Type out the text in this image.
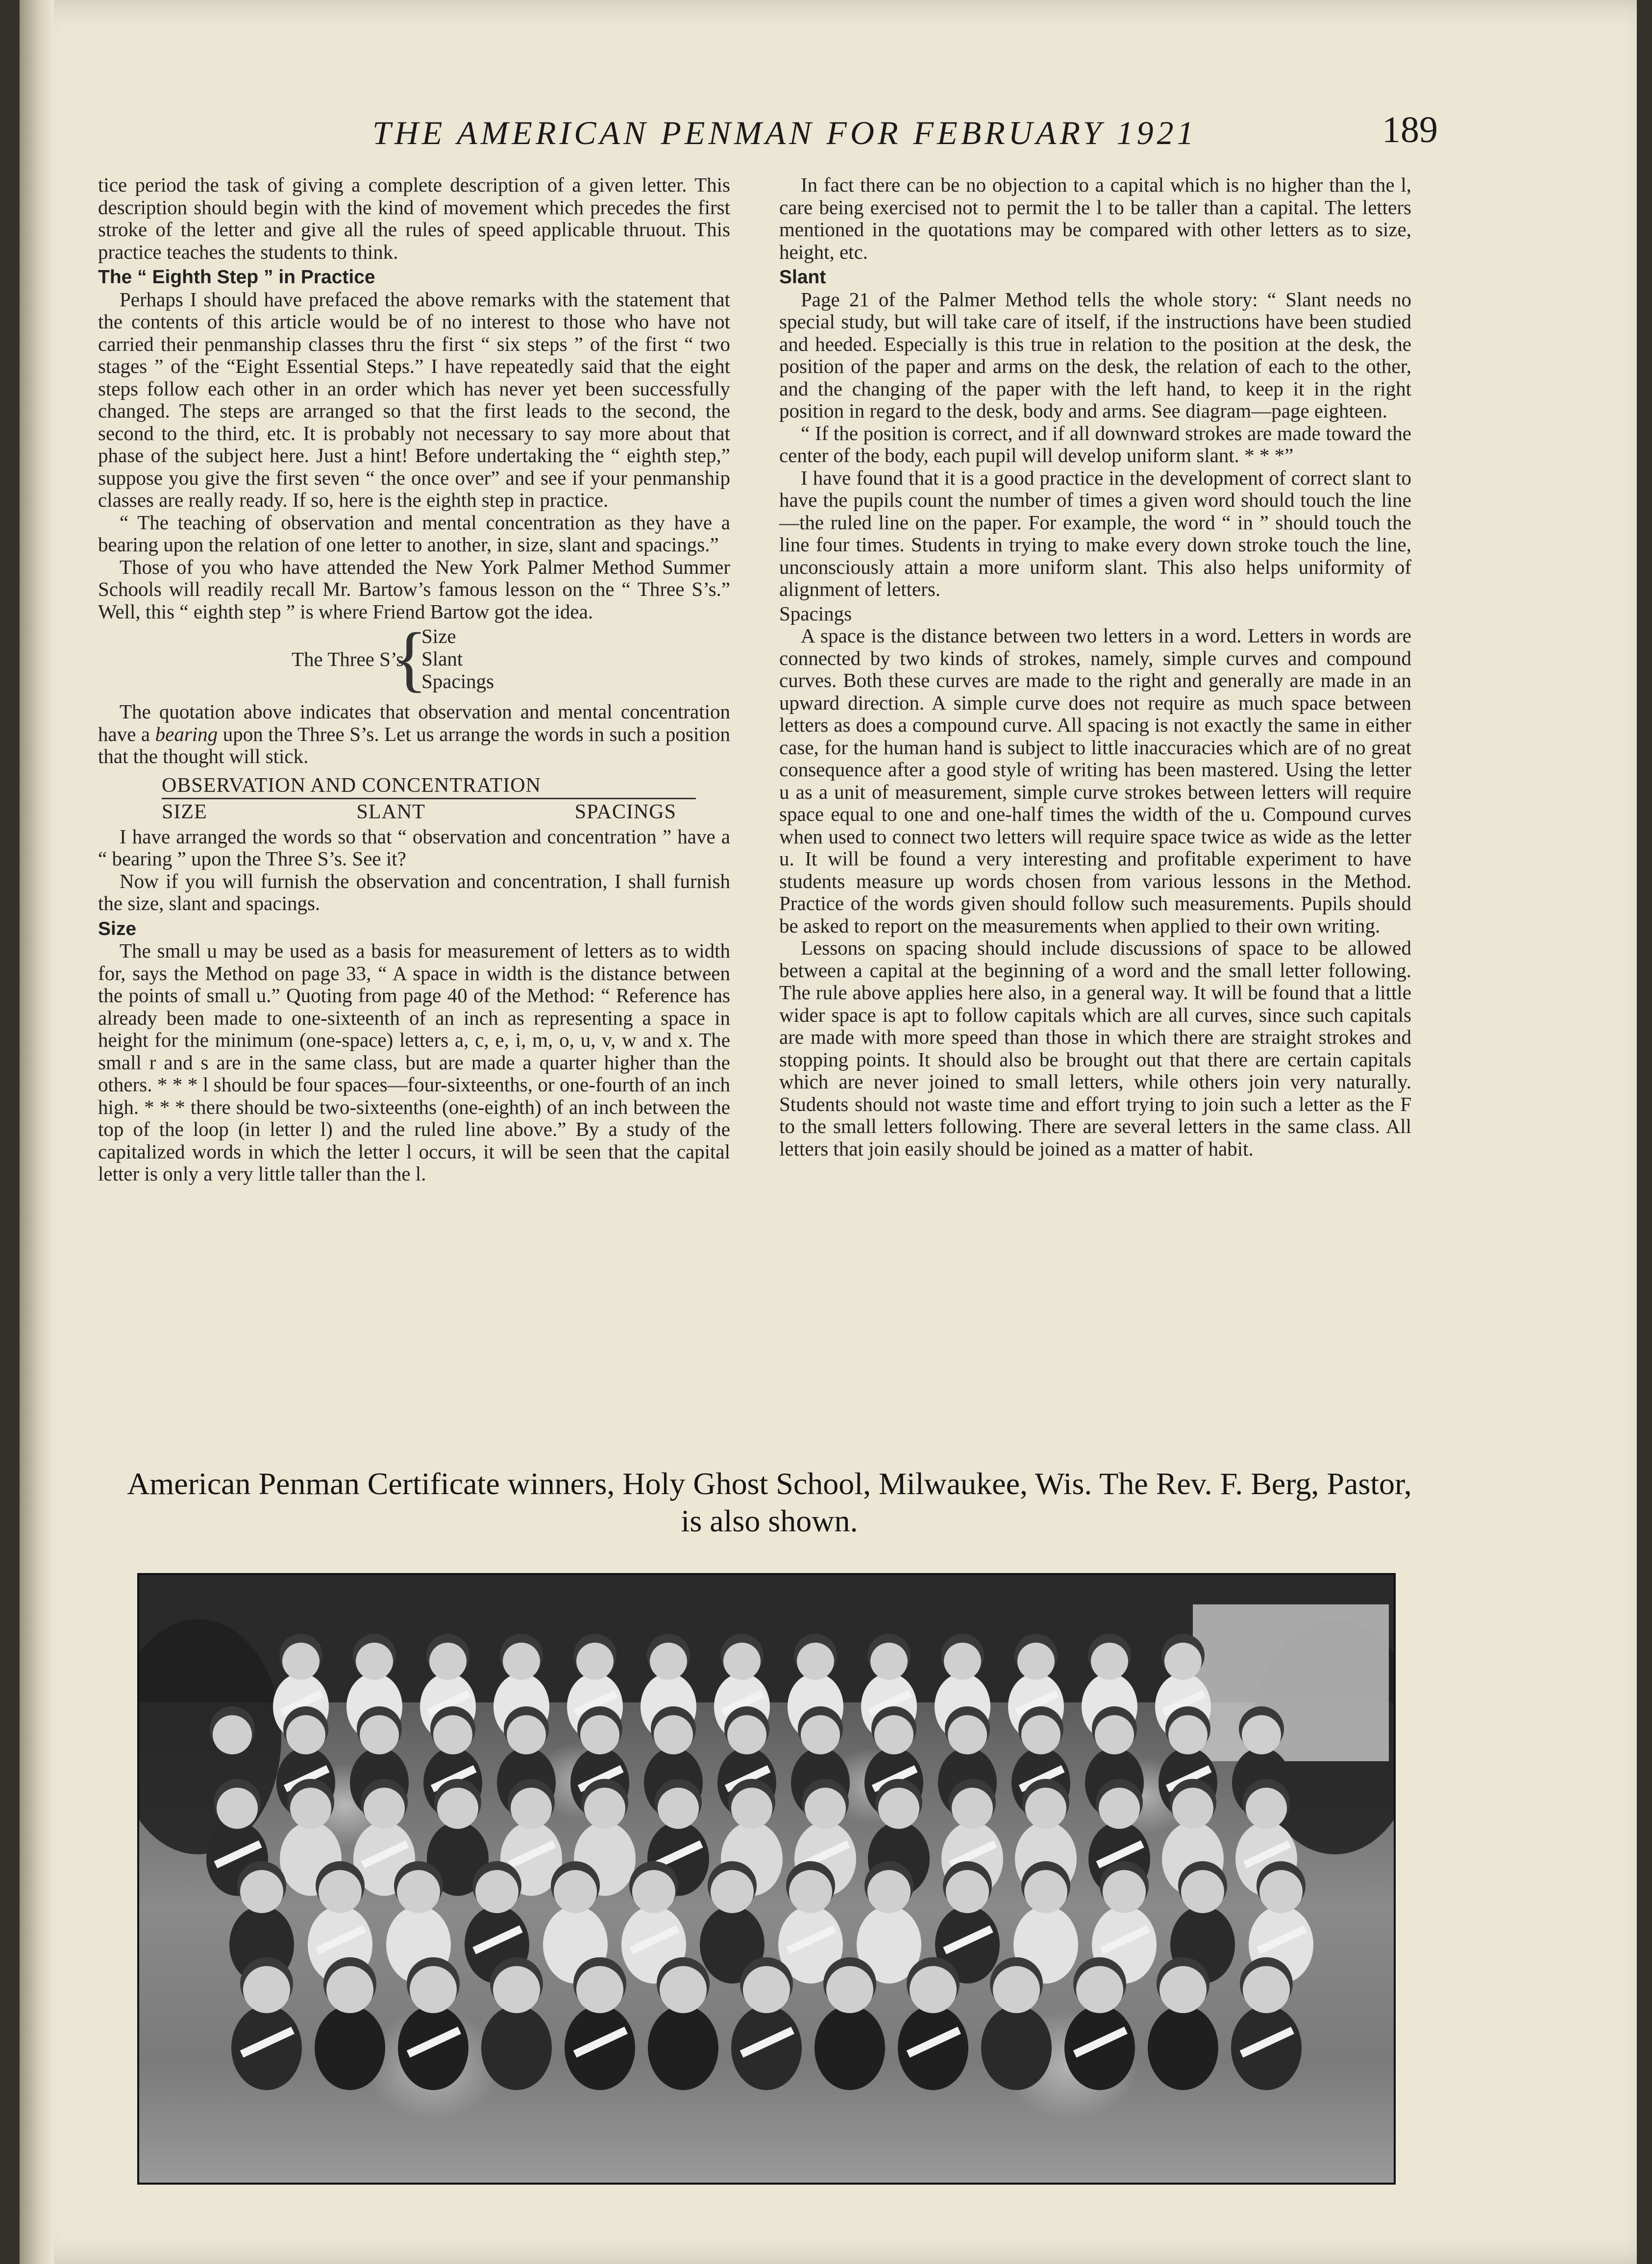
THE AMERICAN PENMAN FOR FEBRUARY 1921	189

tice period the task of giving a complete description of a given letter. This description should begin with the kind of movement which precedes the first stroke of the letter and give all the rules of speed applicable thruout. This practice teaches the students to think.

The “ Eighth Step ” in Practice

Perhaps I should have prefaced the above remarks with the statement that the contents of this article would be of no interest to those who have not carried their penmanship classes thru the first “ six steps ” of the first “ two stages ” of the “Eight Essential Steps.” I have repeatedly said that the eight steps follow each other in an order which has never yet been successfully changed. The steps are arranged so that the first leads to the second, the second to the third, etc. It is probably not necessary to say more about that phase of the subject here. Just a hint! Before undertaking the “ eighth step,” suppose you give the first seven “ the once over” and see if your penmanship classes are really ready. If so, here is the eighth step in practice.

“ The teaching of observation and mental concentration as they have a bearing upon the relation of one letter to another, in size, slant and spacings.”

Those of you who have attended the New York Palmer Method Summer Schools will readily recall Mr. Bartow’s famous lesson on the “ Three S’s.” Well, this “ eighth step ” is where Friend Bartow got the idea.

The Three S’s
{
Size
Slant
Spacings

The quotation above indicates that observation and mental concentration have a bearing upon the Three S’s. Let us arrange the words in such a position that the thought will stick.

OBSERVATION AND CONCENTRATION
SIZE	SLANT	SPACINGS

I have arranged the words so that “ observation and concentration ” have a “ bearing ” upon the Three S’s. See it?

Now if you will furnish the observation and concentration, I shall furnish the size, slant and spacings.

Size

The small u may be used as a basis for measurement of letters as to width for, says the Method on page 33, “ A space in width is the distance between the points of small u.” Quoting from page 40 of the Method: “ Reference has already been made to one-sixteenth of an inch as representing a space in height for the minimum (one-space) letters a, c, e, i, m, o, u, v, w and x. The small r and s are in the same class, but are made a quarter higher than the others. * * * l should be four spaces—four-sixteenths, or one-fourth of an inch high. * * * there should be two-sixteenths (one-eighth) of an inch between the top of the loop (in letter l) and the ruled line above.” By a study of the capitalized words in which the letter l occurs, it will be seen that the capital letter is only a very little taller than the l.

In fact there can be no objection to a capital which is no higher than the l, care being exercised not to permit the l to be taller than a capital. The letters mentioned in the quotations may be compared with other letters as to size, height, etc.

Slant

Page 21 of the Palmer Method tells the whole story: “ Slant needs no special study, but will take care of itself, if the instructions have been studied and heeded. Especially is this true in relation to the position at the desk, the position of the paper and arms on the desk, the relation of each to the other, and the changing of the paper with the left hand, to keep it in the right position in regard to the desk, body and arms. See diagram—page eighteen.

“ If the position is correct, and if all downward strokes are made toward the center of the body, each pupil will develop uniform slant. * * *”

I have found that it is a good practice in the development of correct slant to have the pupils count the number of times a given word should touch the line—the ruled line on the paper. For example, the word “ in ” should touch the line four times. Students in trying to make every down stroke touch the line, unconsciously attain a more uniform slant. This also helps uniformity of alignment of letters.

Spacings

A space is the distance between two letters in a word. Letters in words are connected by two kinds of strokes, namely, simple curves and compound curves. Both these curves are made to the right and generally are made in an upward direction. A simple curve does not require as much space between letters as does a compound curve. All spacing is not exactly the same in either case, for the human hand is subject to little inaccuracies which are of no great consequence after a good style of writing has been mastered. Using the letter u as a unit of measurement, simple curve strokes between letters will require space equal to one and one-half times the width of the u. Compound curves when used to connect two letters will require space twice as wide as the letter u. It will be found a very interesting and profitable experiment to have students measure up words chosen from various lessons in the Method. Practice of the words given should follow such measurements. Pupils should be asked to report on the measurements when applied to their own writing.

Lessons on spacing should include discussions of space to be allowed between a capital at the beginning of a word and the small letter following. The rule above applies here also, in a general way. It will be found that a little wider space is apt to follow capitals which are all curves, since such capitals are made with more speed than those in which there are straight strokes and stopping points. It should also be brought out that there are certain capitals which are never joined to small letters, while others join very naturally. Students should not waste time and effort trying to join such a letter as the F to the small letters following. There are several letters in the same class. All letters that join easily should be joined as a matter of habit.

American Penman Certificate winners, Holy Ghost School, Milwaukee, Wis. The Rev. F. Berg, Pastor,
is also shown.
